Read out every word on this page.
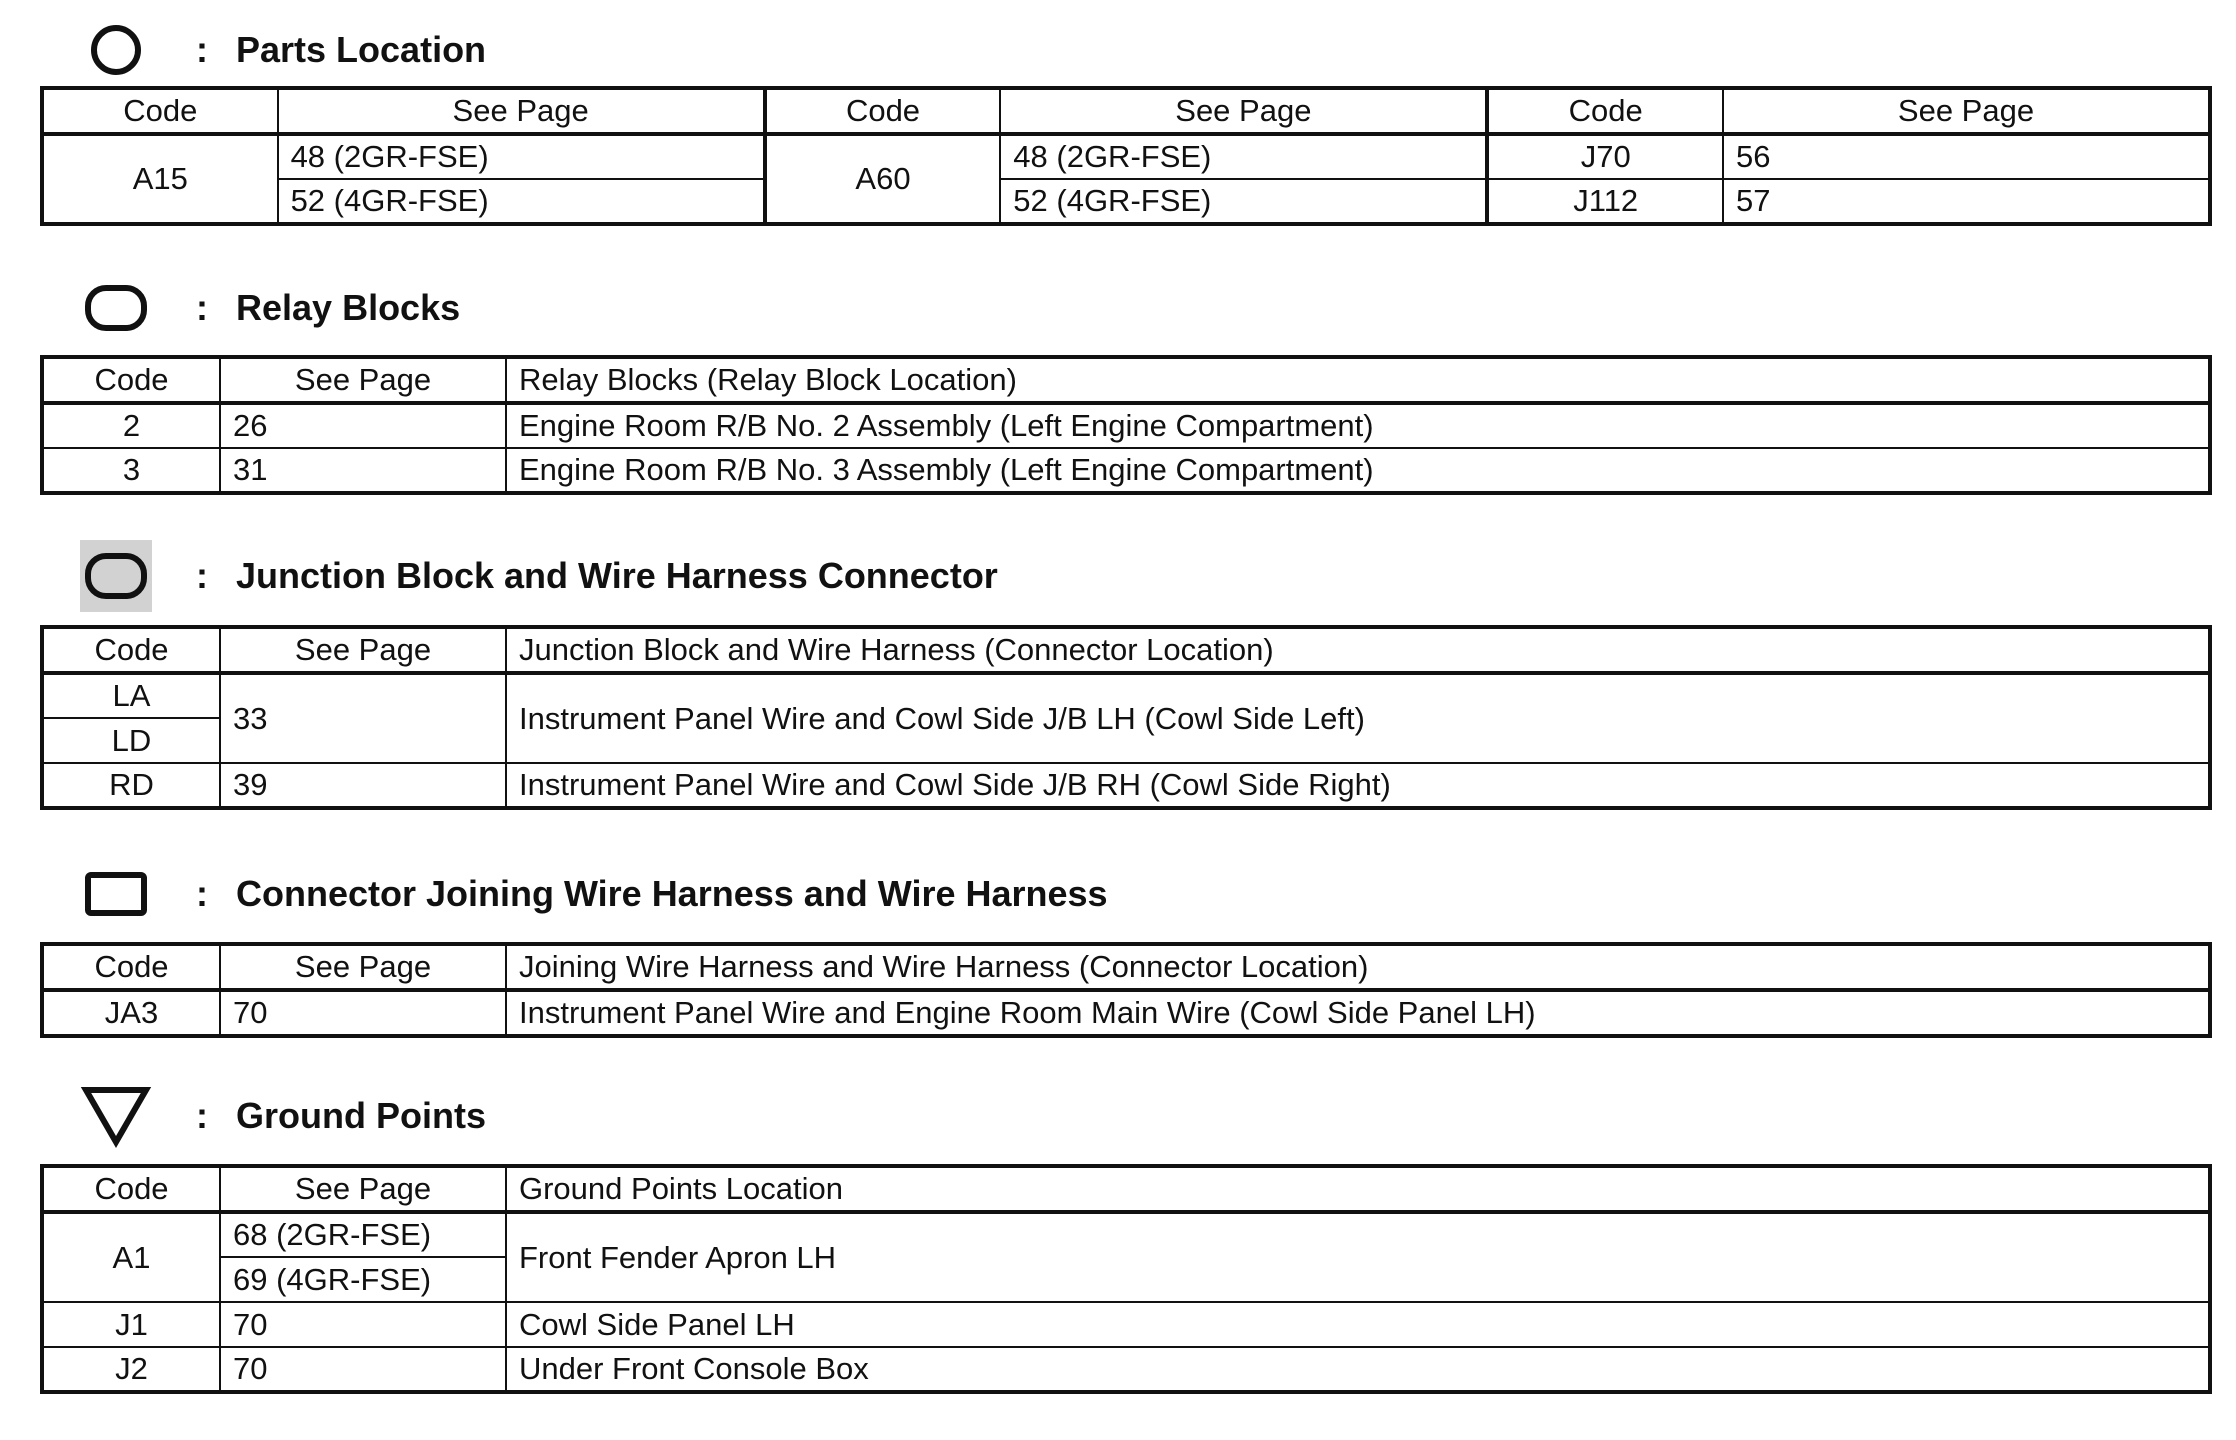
: Parts Location
Code	See Page	Code	See Page	Code	See Page
A15	48 (2GR-FSE)	A60	48 (2GR-FSE)	J70	56
	52 (4GR-FSE)		52 (4GR-FSE)	J112	57
: Relay Blocks
Code	See Page	Relay Blocks (Relay Block Location)
2	26	Engine Room R/B No. 2 Assembly (Left Engine Compartment)
3	31	Engine Room R/B No. 3 Assembly (Left Engine Compartment)
: Junction Block and Wire Harness Connector
Code	See Page	Junction Block and Wire Harness (Connector Location)
LA	33	Instrument Panel Wire and Cowl Side J/B LH (Cowl Side Left)
LD		
RD	39	Instrument Panel Wire and Cowl Side J/B RH (Cowl Side Right)
: Connector Joining Wire Harness and Wire Harness
Code	See Page	Joining Wire Harness and Wire Harness (Connector Location)
JA3	70	Instrument Panel Wire and Engine Room Main Wire (Cowl Side Panel LH)
: Ground Points
Code	See Page	Ground Points Location
A1	68 (2GR-FSE)	Front Fender Apron LH
	69 (4GR-FSE)	
J1	70	Cowl Side Panel LH
J2	70	Under Front Console Box
